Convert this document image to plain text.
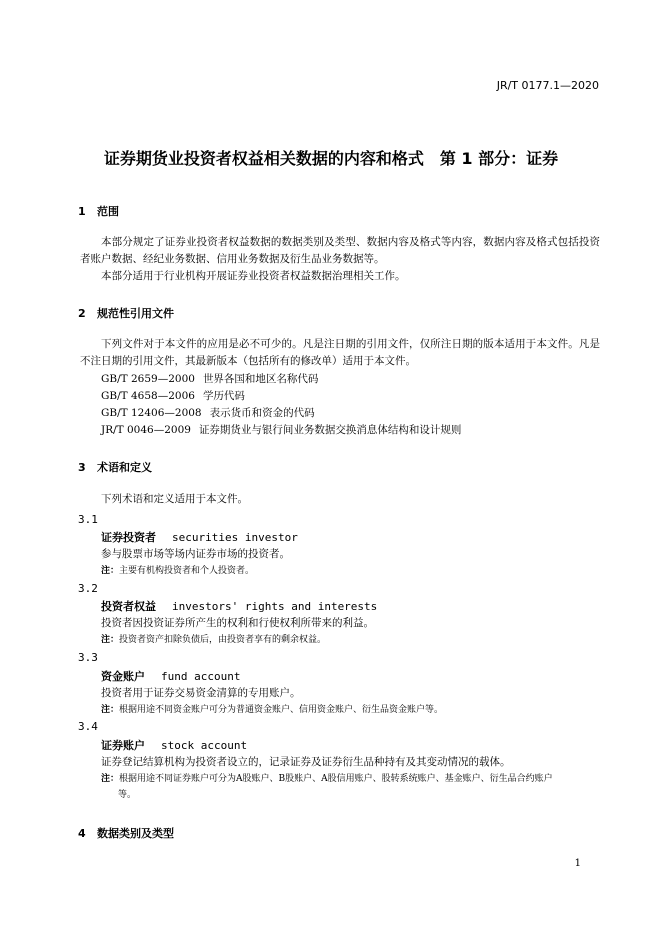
JR/T 0177.1—2020
证券期货业投资者权益相关数据的内容和格式　第 1 部分：证券
1 范围

本部分规定了证券业投资者权益数据的数据类别及类型、数据内容及格式等内容，数据内容及格式包括投资者账户数据、经纪业务数据、信用业务数据及衍生品业务数据等。

本部分适用于行业机构开展证券业投资者权益数据治理相关工作。

2 规范性引用文件

下列文件对于本文件的应用是必不可少的。凡是注日期的引用文件，仅所注日期的版本适用于本文件。凡是不注日期的引用文件，其最新版本（包括所有的修改单）适用于本文件。

GB/T 2659—2000 世界各国和地区名称代码
GB/T 4658—2006 学历代码
GB/T 12406—2008 表示货币和资金的代码
JR/T 0046—2009 证券期货业与银行间业务数据交换消息体结构和设计规则
3 术语和定义

下列术语和定义适用于本文件。

3.1
证券投资者 securities investor
参与股票市场等场内证券市场的投资者。
注：主要有机构投资者和个人投资者。
3.2
投资者权益 investors' rights and interests
投资者因投资证券所产生的权利和行使权利所带来的利益。
注：投资者资产扣除负债后，由投资者享有的剩余权益。
3.3
资金账户 fund account
投资者用于证券交易资金清算的专用账户。
注：根据用途不同资金账户可分为普通资金账户、信用资金账户、衍生品资金账户等。
3.4
证券账户 stock account
证券登记结算机构为投资者设立的，记录证券及证券衍生品种持有及其变动情况的载体。
注：根据用途不同证券账户可分为A股账户、B股账户、A股信用账户、股转系统账户、基金账户、衍生品合约账户
等。
4 数据类别及类型
1
